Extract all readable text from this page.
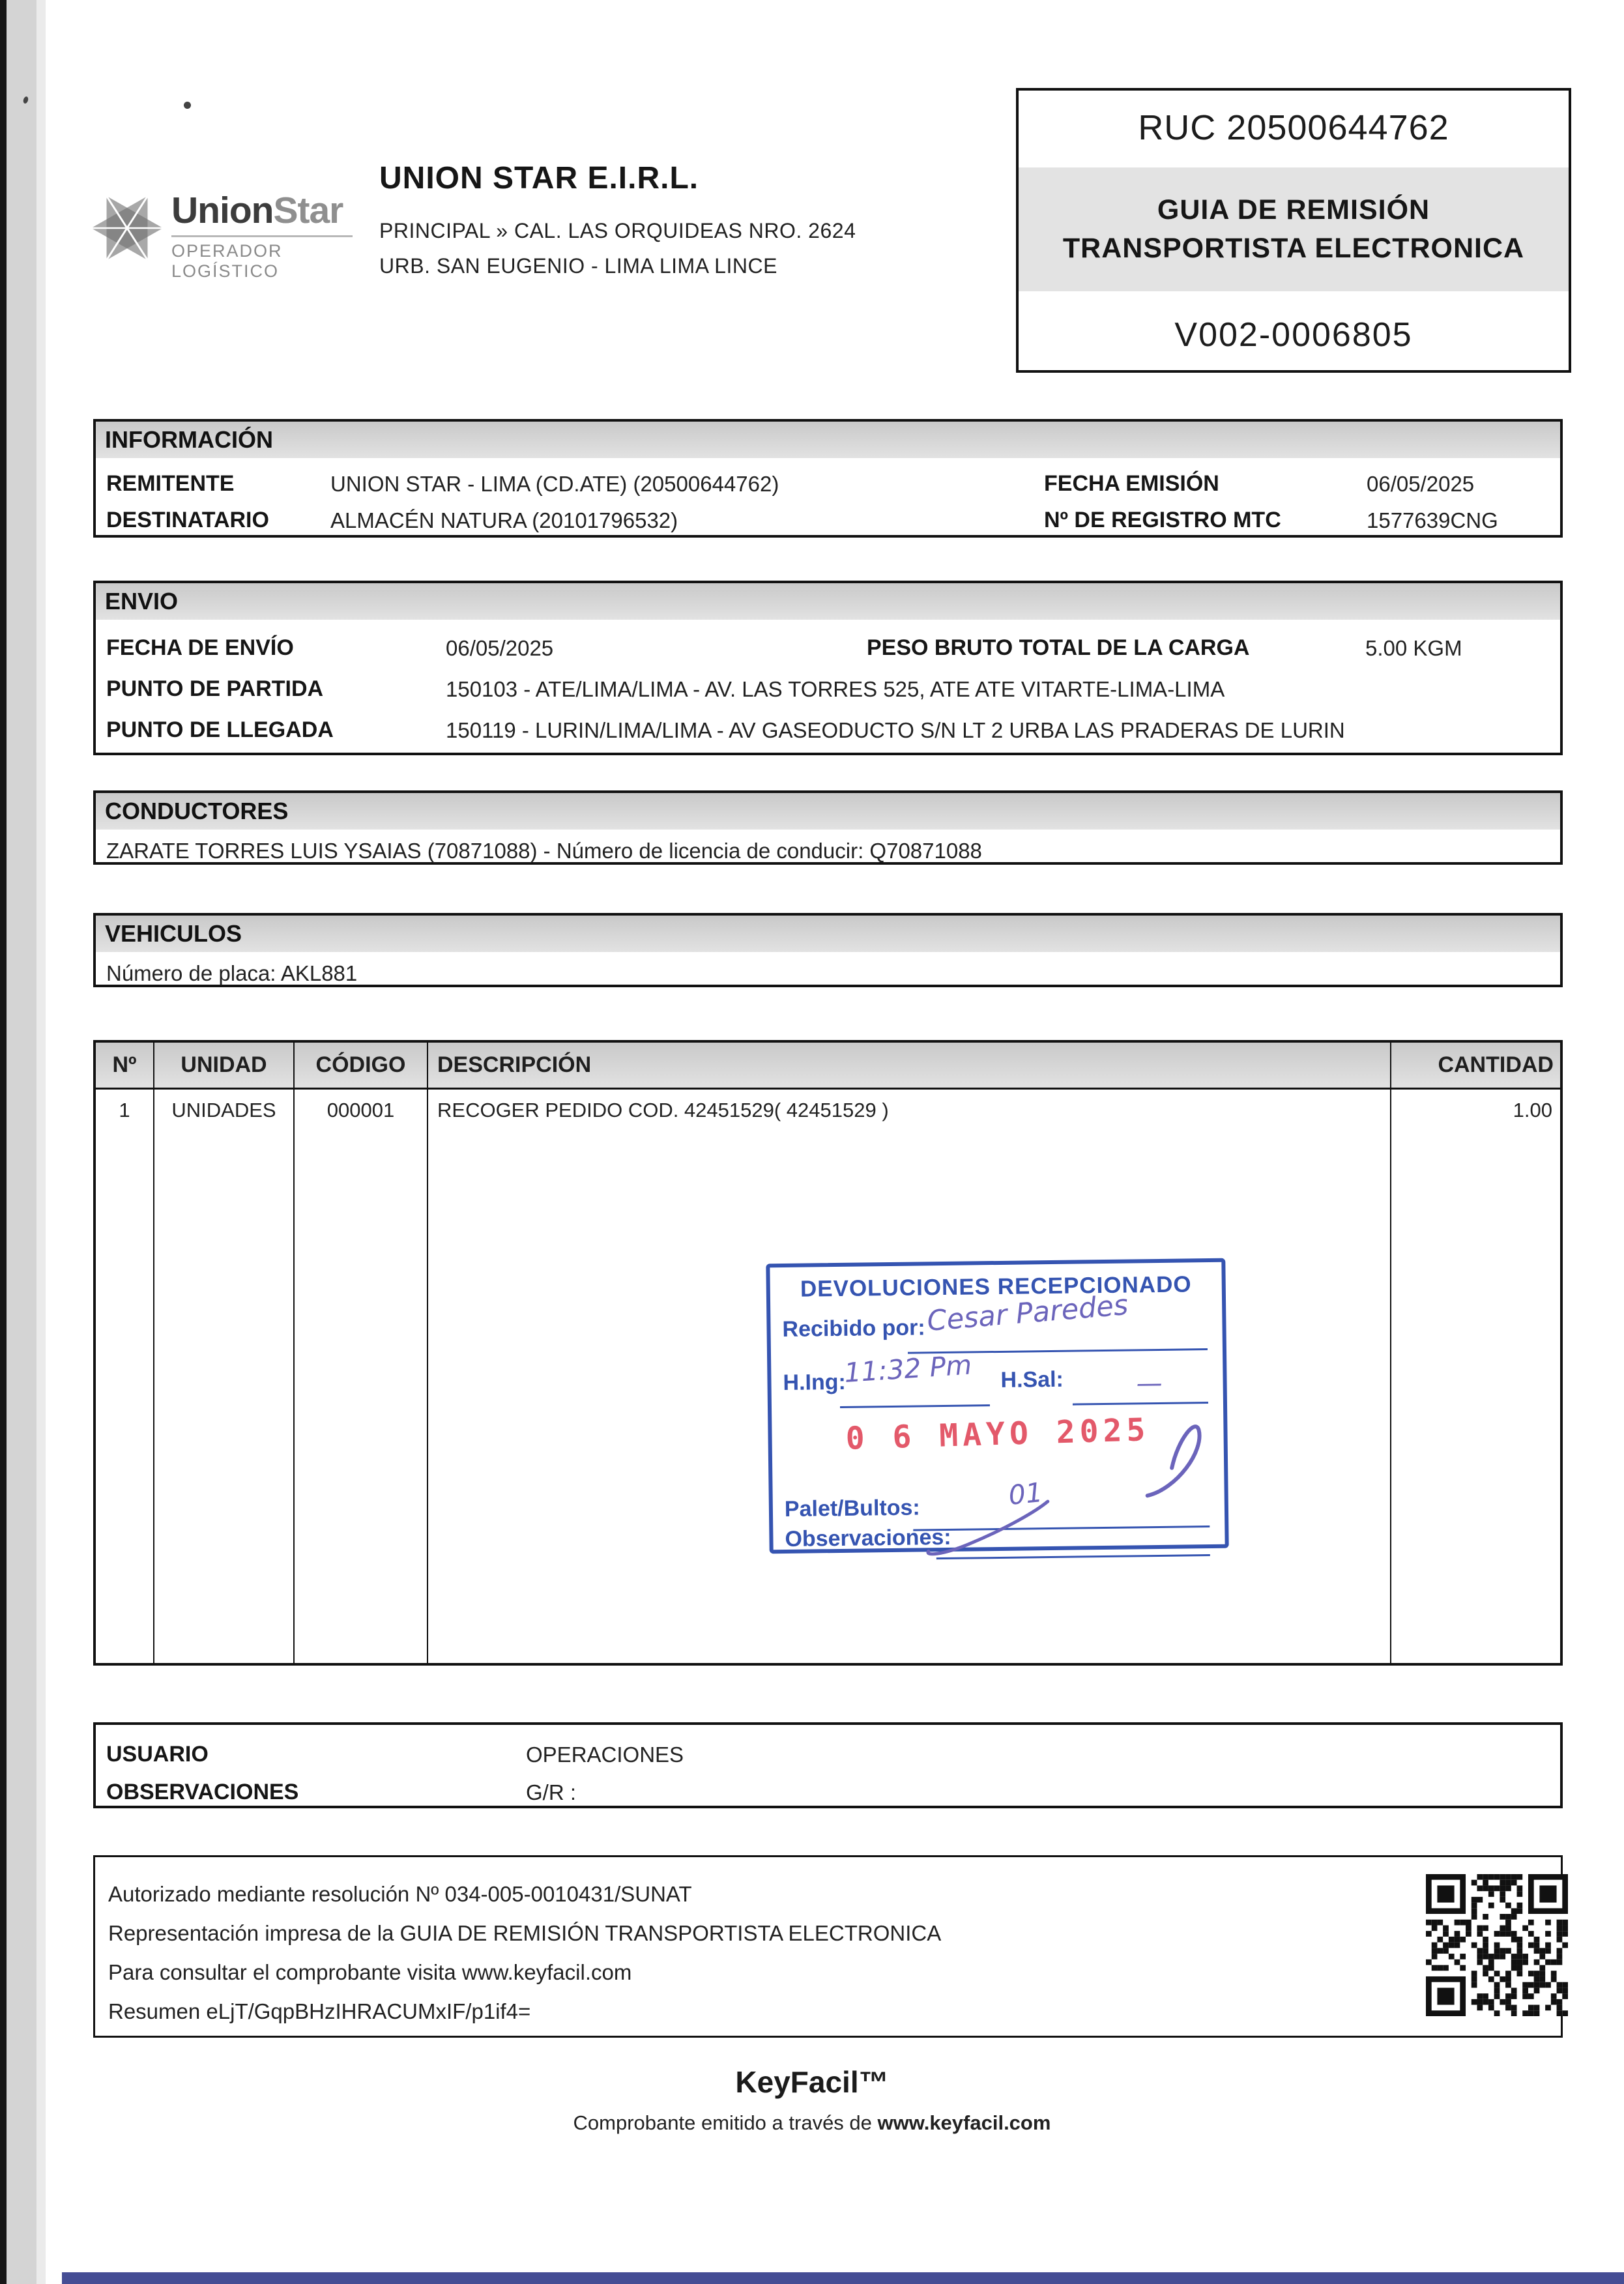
UnionStar
OPERADOR LOGÍSTICO
UNION STAR E.I.R.L.
PRINCIPAL » CAL. LAS ORQUIDEAS NRO. 2624
URB. SAN EUGENIO - LIMA LIMA LINCE
RUC 20500644762
GUIA DE REMISIÓN
TRANSPORTISTA ELECTRONICA
V002-0006805
INFORMACIÓN
REMITENTE	UNION STAR - LIMA (CD.ATE) (20500644762)	FECHA EMISIÓN	06/05/2025
DESTINATARIO	ALMACÉN NATURA (20101796532)	Nº DE REGISTRO MTC	1577639CNG
ENVIO
FECHA DE ENVÍO	06/05/2025	PESO BRUTO TOTAL DE LA CARGA	5.00 KGM
PUNTO DE PARTIDA	150103 - ATE/LIMA/LIMA - AV. LAS TORRES 525, ATE ATE VITARTE-LIMA-LIMA
PUNTO DE LLEGADA	150119 - LURIN/LIMA/LIMA - AV GASEODUCTO S/N LT 2 URBA LAS PRADERAS DE LURIN
CONDUCTORES
ZARATE TORRES LUIS YSAIAS (70871088) - Número de licencia de conducir: Q70871088
VEHICULOS
Número de placa: AKL881
Nº	UNIDAD	CÓDIGO	DESCRIPCIÓN	CANTIDAD
1	UNIDADES	000001	RECOGER PEDIDO COD. 42451529( 42451529 )	1.00
DEVOLUCIONES RECEPCIONADO
Recibido por: Cesar Paredes
H.Ing:
11:32 Pm H.Sal:	—
0 6 MAYO 2025
Palet/Bultos:	01
Observaciones:
USUARIO	OPERACIONES
OBSERVACIONES	G/R :
Autorizado mediante resolución Nº 034-005-0010431/SUNAT
Representación impresa de la GUIA DE REMISIÓN TRANSPORTISTA ELECTRONICA
Para consultar el comprobante visita www.keyfacil.com
Resumen eLjT/GqpBHzIHRACUMxIF/p1if4=
KeyFacil™
Comprobante emitido a través de www.keyfacil.com
